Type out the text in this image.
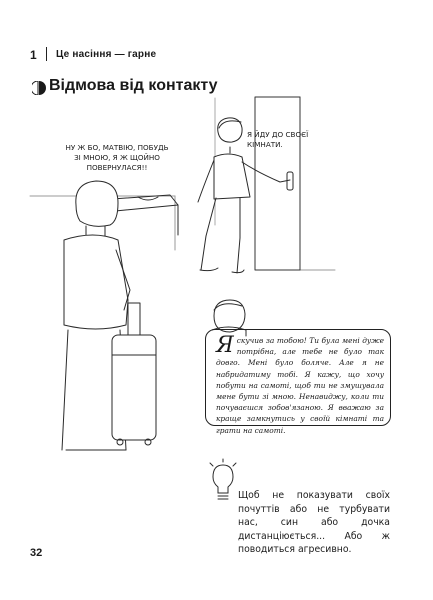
1 Це насіння — гарне
Відмова від контакту
НУ Ж БО, МАТВІЮ, ПОБУДЬ ЗІ МНОЮ, Я Ж ЩОЙНО ПОВЕРНУЛАСЯ!!
Я ЙДУ ДО СВОЄЇ КІМНАТИ.
Яскучив за тобою! Ти була мені дуже потрібна, але тебе не було так довго. Мені було боляче. Але я не набридатиму тобі. Я кажу, що хочу побути на самоті, щоб ти не змушувала мене бути зі мною. Ненавиджу, коли ти почуваєшся зобов'язаною. Я вважаю за краще замкнутись у своїй кімнаті та грати на самоті.
Щоб не показувати своїх почуттів або не турбувати нас, син або дочка дистанціюється... Або ж поводиться агресивно.
32
